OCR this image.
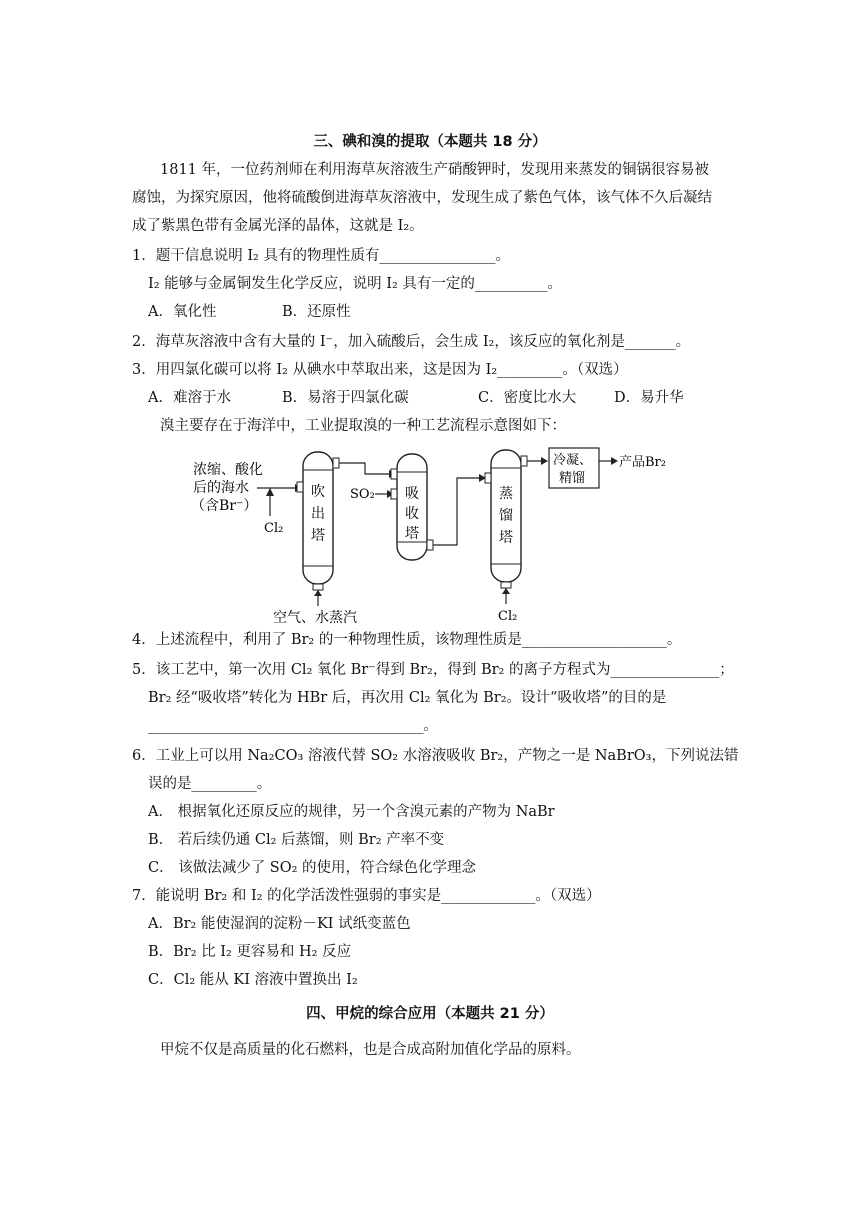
三、碘和溴的提取（本题共 18 分）
1811 年，一位药剂师在利用海草灰溶液生产硝酸钾时，发现用来蒸发的铜锅很容易被
腐蚀，为探究原因，他将硫酸倒进海草灰溶液中，发现生成了紫色气体，该气体不久后凝结
成了紫黑色带有金属光泽的晶体，这就是 I₂。
1．题干信息说明 I₂ 具有的物理性质有________________。
I₂ 能够与金属铜发生化学反应，说明 I₂ 具有一定的__________。
A．氧化性	B．还原性
2．海草灰溶液中含有大量的 I⁻，加入硫酸后，会生成 I₂，该反应的氧化剂是_______。
3．用四氯化碳可以将 I₂ 从碘水中萃取出来，这是因为 I₂_________。（双选）
A．难溶于水	B．易溶于四氯化碳	C．密度比水大	D．易升华
溴主要存在于海洋中，工业提取溴的一种工艺流程示意图如下：
浓缩、酸化
后的海水
（含Br⁻）
Cl₂
吹
出
塔
空气、水蒸汽
SO₂ 吸
收
塔
蒸
馏
塔
Cl₂
冷凝、
精馏
产品Br₂
4．上述流程中，利用了 Br₂ 的一种物理性质，该物理性质是____________________。
5．该工艺中，第一次用 Cl₂ 氧化 Br⁻得到 Br₂，得到 Br₂ 的离子方程式为_______________；
Br₂ 经“吸收塔”转化为 HBr 后，再次用 Cl₂ 氧化为 Br₂。设计“吸收塔”的目的是
______________________________________。
6．工业上可以用 Na₂CO₃ 溶液代替 SO₂ 水溶液吸收 Br₂，产物之一是 NaBrO₃，下列说法错
误的是_________。
A． 根据氧化还原反应的规律，另一个含溴元素的产物为 NaBr
B． 若后续仍通 Cl₂ 后蒸馏，则 Br₂ 产率不变
C． 该做法减少了 SO₂ 的使用，符合绿色化学理念
7．能说明 Br₂ 和 I₂ 的化学活泼性强弱的事实是_____________。（双选）
A．Br₂ 能使湿润的淀粉－KI 试纸变蓝色
B．Br₂ 比 I₂ 更容易和 H₂ 反应
C．Cl₂ 能从 KI 溶液中置换出 I₂
四、甲烷的综合应用（本题共 21 分）
甲烷不仅是高质量的化石燃料，也是合成高附加值化学品的原料。
